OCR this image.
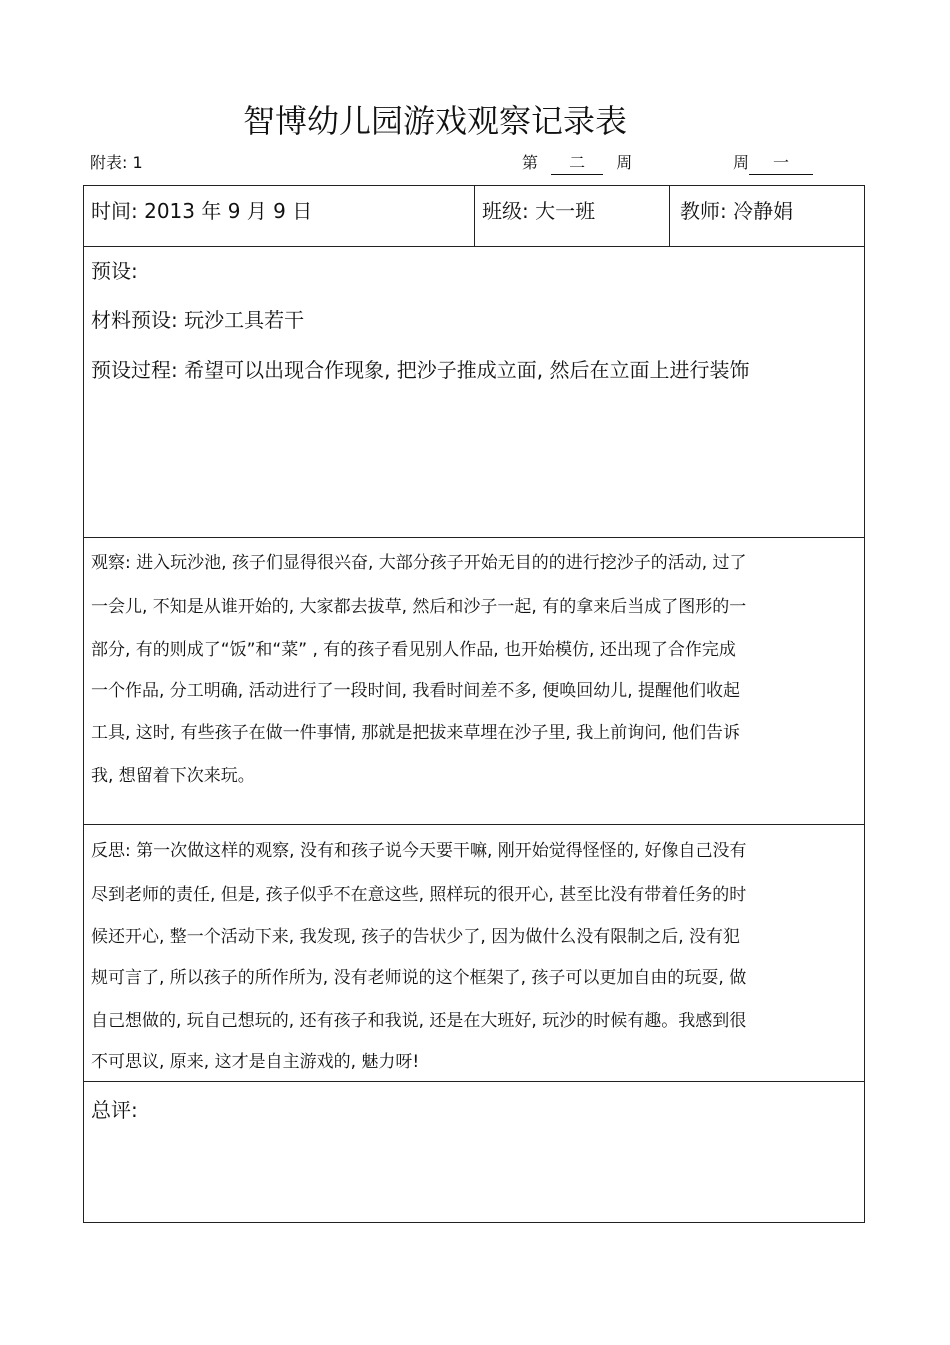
智博幼儿园游戏观察记录表
附表: 1	第 二 周	周 一
时间: 2013 年 9 月 9 日	班级: 大一班	教师: 冷静娟
预设:
材料预设: 玩沙工具若干
预设过程: 希望可以出现合作现象, 把沙子推成立面, 然后在立面上进行装饰
观察: 进入玩沙池, 孩子们显得很兴奋, 大部分孩子开始无目的的进行挖沙子的活动, 过了
一会儿, 不知是从谁开始的, 大家都去拔草, 然后和沙子一起, 有的拿来后当成了图形的一
部分, 有的则成了“饭”和“菜” , 有的孩子看见别人作品, 也开始模仿, 还出现了合作完成
一个作品, 分工明确, 活动进行了一段时间, 我看时间差不多, 便唤回幼儿, 提醒他们收起
工具, 这时, 有些孩子在做一件事情, 那就是把拔来草埋在沙子里, 我上前询问, 他们告诉
我, 想留着下次来玩。
反思: 第一次做这样的观察, 没有和孩子说今天要干嘛, 刚开始觉得怪怪的, 好像自己没有
尽到老师的责任, 但是, 孩子似乎不在意这些, 照样玩的很开心, 甚至比没有带着任务的时
候还开心, 整一个活动下来, 我发现, 孩子的告状少了, 因为做什么没有限制之后, 没有犯
规可言了, 所以孩子的所作所为, 没有老师说的这个框架了, 孩子可以更加自由的玩耍, 做
自己想做的, 玩自己想玩的, 还有孩子和我说, 还是在大班好, 玩沙的时候有趣。我感到很
不可思议, 原来, 这才是自主游戏的, 魅力呀!
总评:
